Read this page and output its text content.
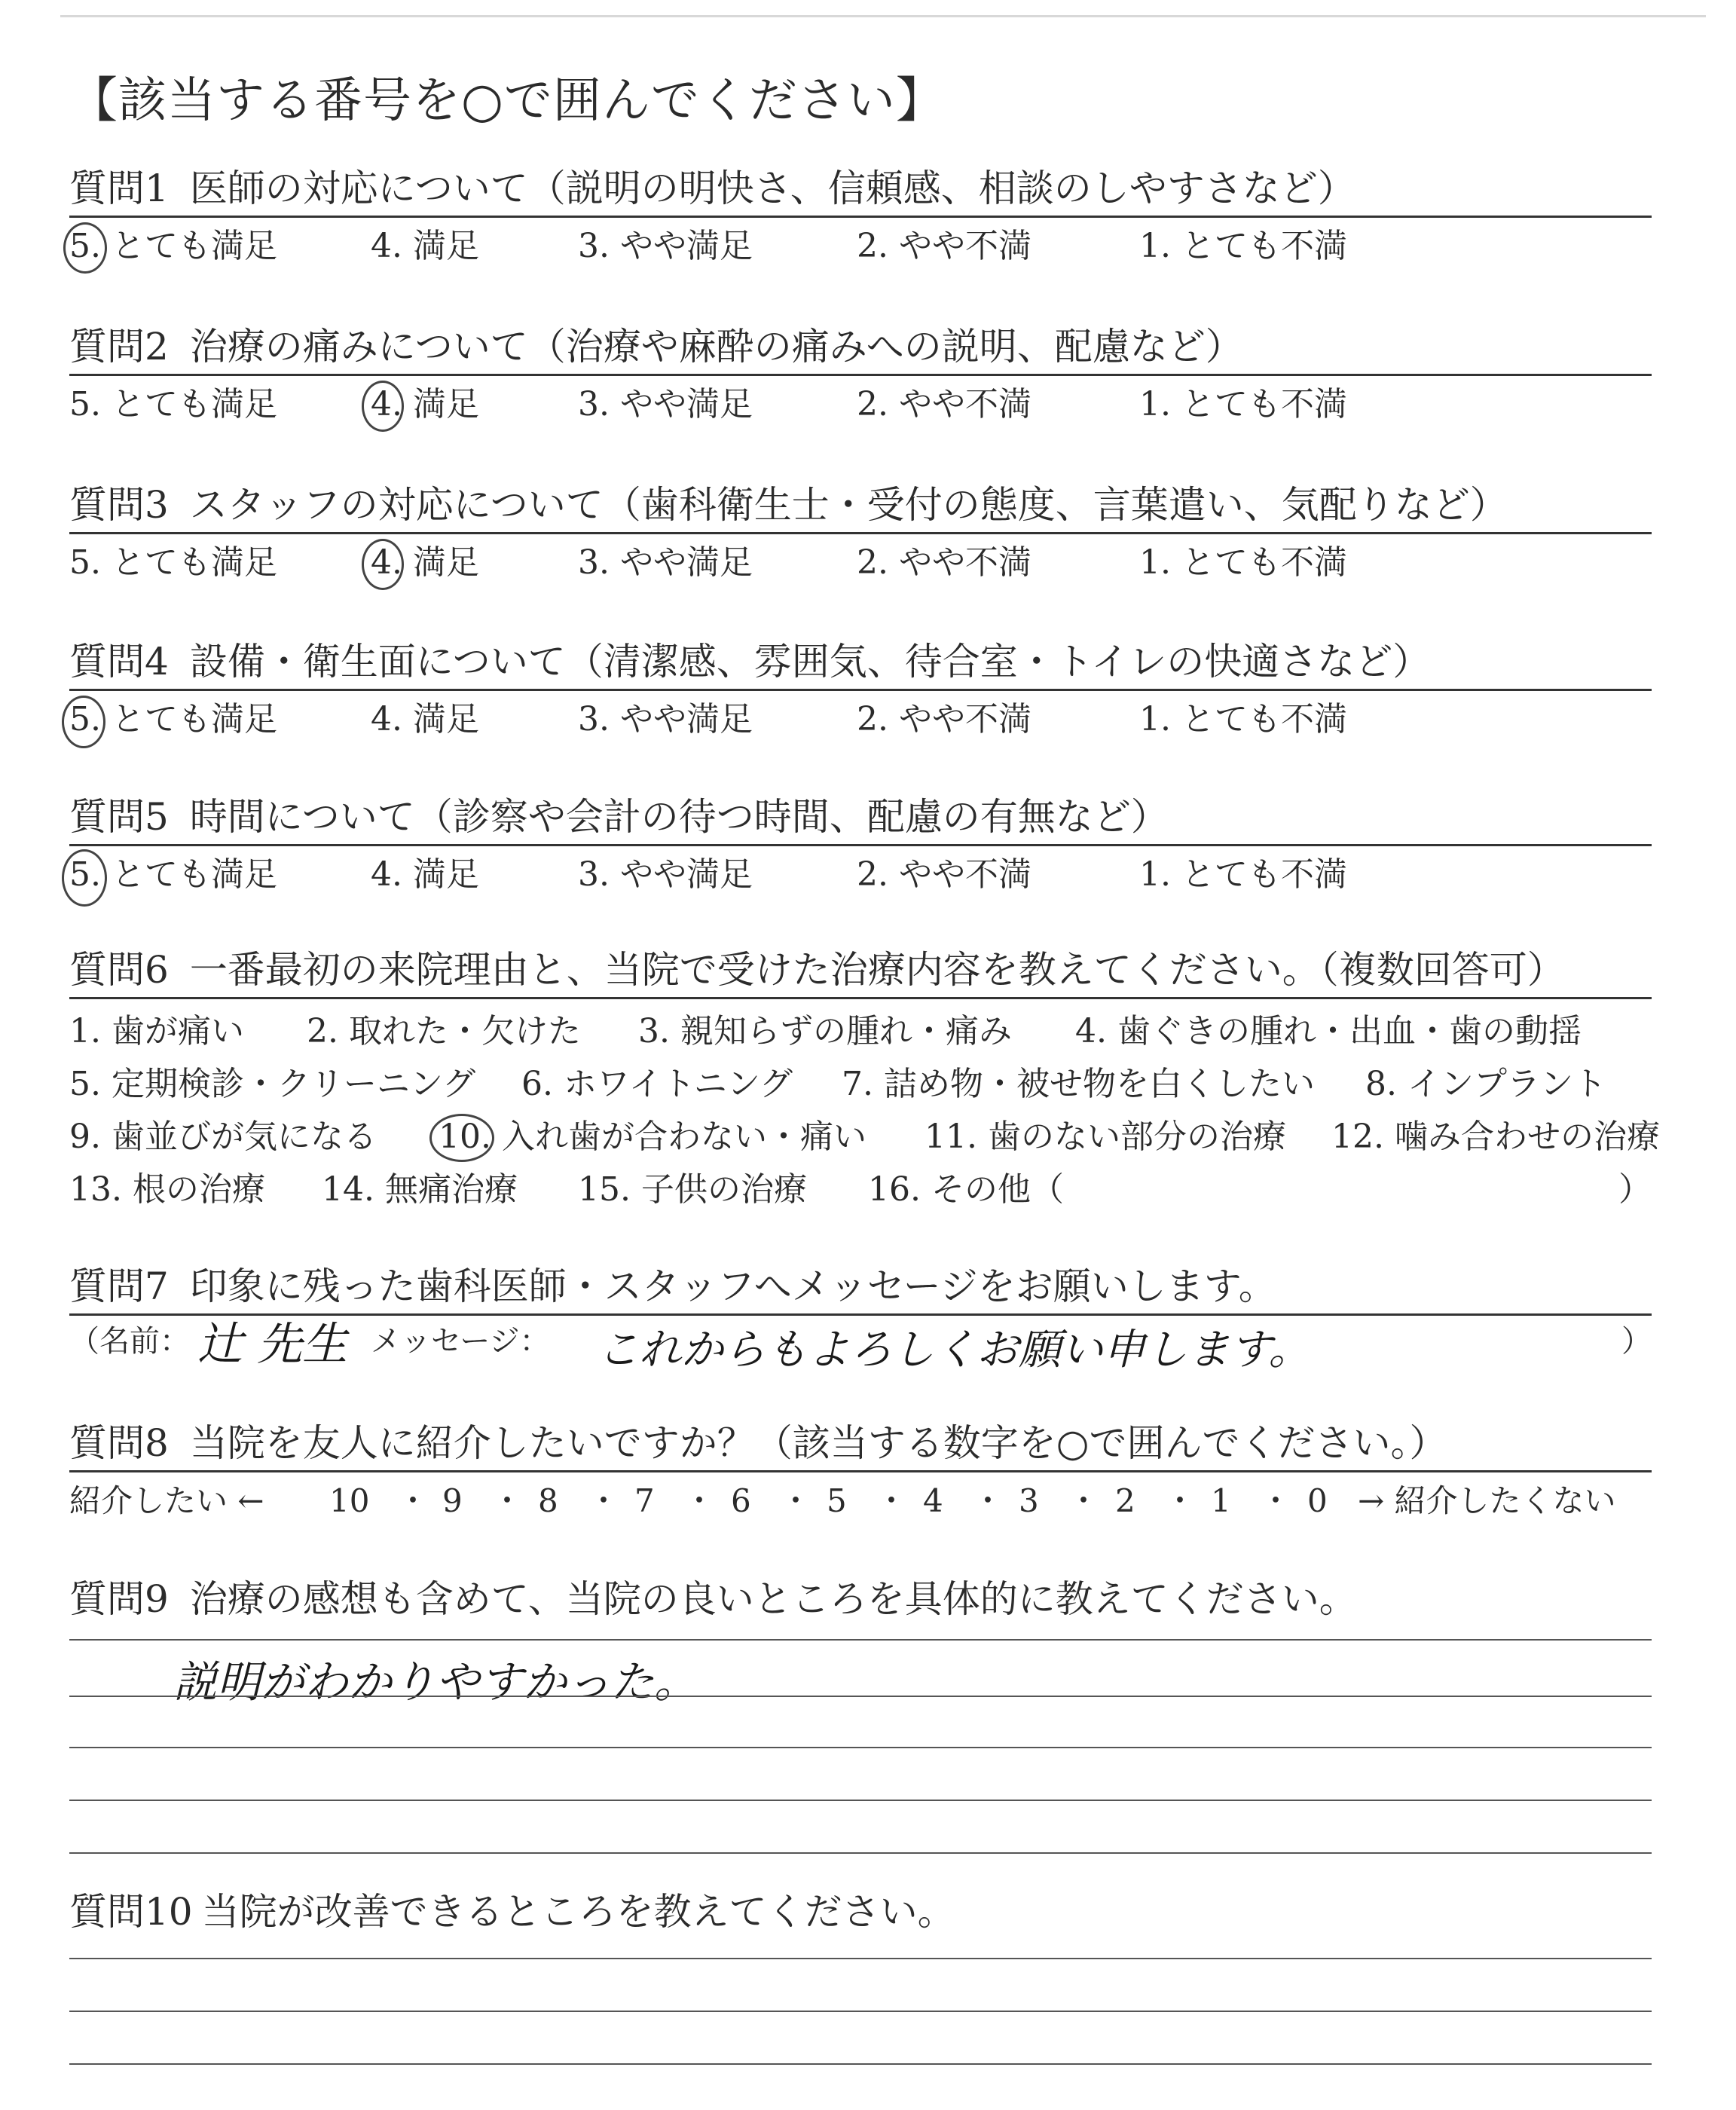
【該当する番号を○で囲んでください】
質問1 医師の対応について（説明の明快さ、信頼感、相談のしやすさなど）
5. とても満足	4. 満足	3. やや満足	2. やや不満	1. とても不満
質問2 治療の痛みについて（治療や麻酔の痛みへの説明、配慮など）
5. とても満足	4. 満足	3. やや満足	2. やや不満	1. とても不満
質問3 スタッフの対応について（歯科衛生士・受付の態度、言葉遣い、気配りなど）
5. とても満足	4. 満足	3. やや満足	2. やや不満	1. とても不満
質問4 設備・衛生面について（清潔感、雰囲気、待合室・トイレの快適さなど）
5. とても満足	4. 満足	3. やや満足	2. やや不満	1. とても不満
質問5 時間について（診察や会計の待つ時間、配慮の有無など）
5. とても満足	4. 満足	3. やや満足	2. やや不満	1. とても不満
質問6 一番最初の来院理由と、当院で受けた治療内容を教えてください。（複数回答可）
1. 歯が痛い 2. 取れた・欠けた 3. 親知らずの腫れ・痛み 4. 歯ぐきの腫れ・出血・歯の動揺
5. 定期検診・クリーニング 6. ホワイトニング 7. 詰め物・被せ物を白くしたい 8. インプラント
9. 歯並びが気になる 10. 入れ歯が合わない・痛い 11. 歯のない部分の治療 12. 噛み合わせの治療
13. 根の治療 14. 無痛治療 15. 子供の治療 16. その他（	）
質問7 印象に残った歯科医師・スタッフへメッセージをお願いします。
（名前： 辻 先生 メッセージ： これからもよろしくお願い申します。	）
質問8 当院を友人に紹介したいですか？（該当する数字を○で囲んでください。）
紹介したい ← 10 ・ 9 ・ 8 ・ 7 ・ 6 ・ 5 ・ 4 ・ 3 ・ 2 ・ 1 ・ 0 → 紹介したくない
質問9 治療の感想も含めて、当院の良いところを具体的に教えてください。
説明がわかりやすかった。
質問10 当院が改善できるところを教えてください。
